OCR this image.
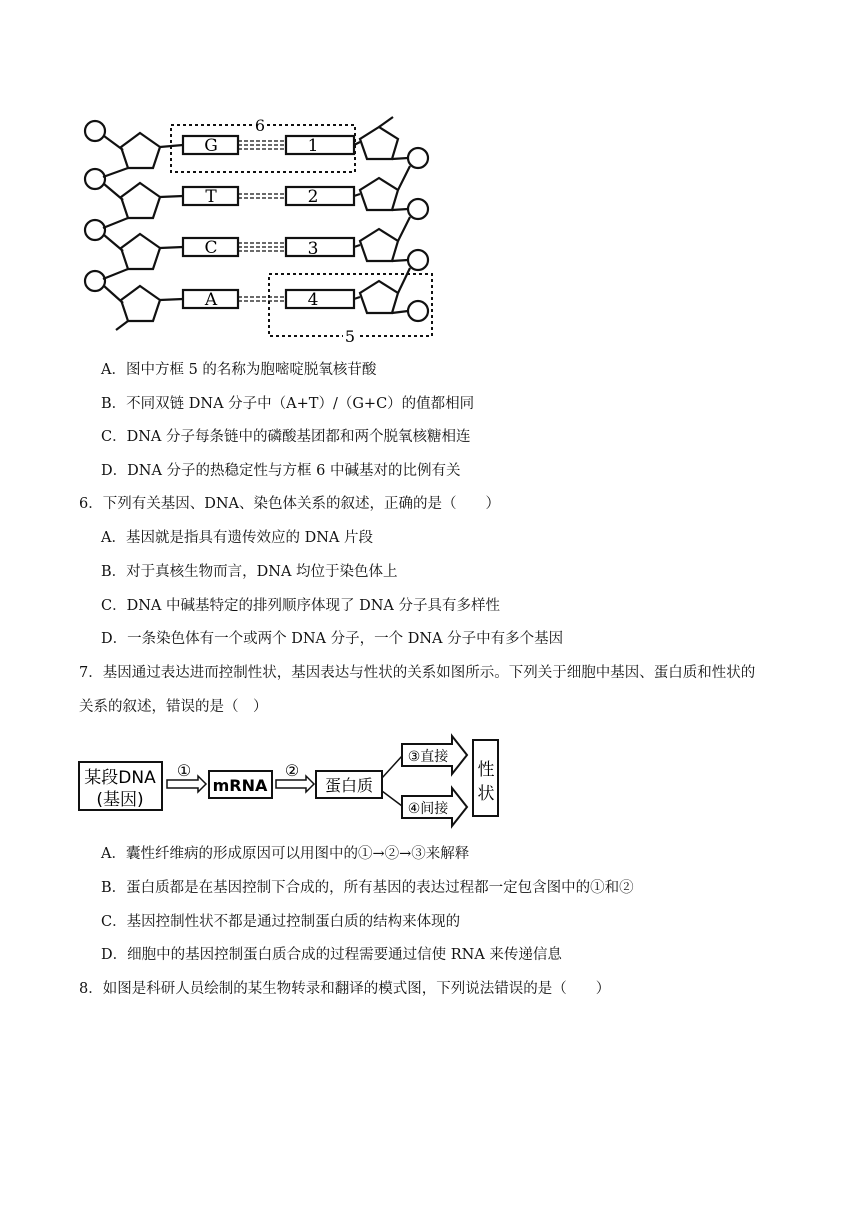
6
5
G
T
C
A
1
2
3
4
A．图中方框 5 的名称为胞嘧啶脱氧核苷酸
B．不同双链 DNA 分子中（A+T）/（G+C）的值都相同
C．DNA 分子每条链中的磷酸基团都和两个脱氧核糖相连
D．DNA 分子的热稳定性与方框 6 中碱基对的比例有关
6．下列有关基因、DNA、染色体关系的叙述，正确的是（　　）
A．基因就是指具有遗传效应的 DNA 片段
B．对于真核生物而言，DNA 均位于染色体上
C．DNA 中碱基特定的排列顺序体现了 DNA 分子具有多样性
D．一条染色体有一个或两个 DNA 分子，一个 DNA 分子中有多个基因
7．基因通过表达进而控制性状，基因表达与性状的关系如图所示。下列关于细胞中基因、蛋白质和性状的
关系的叙述，错误的是（　）
某段DNA
(基因)
①
mRNA
②
蛋白质
③直接
④间接
性
状
A．囊性纤维病的形成原因可以用图中的①→②→③来解释
B．蛋白质都是在基因控制下合成的，所有基因的表达过程都一定包含图中的①和②
C．基因控制性状不都是通过控制蛋白质的结构来体现的
D．细胞中的基因控制蛋白质合成的过程需要通过信使 RNA 来传递信息
8．如图是科研人员绘制的某生物转录和翻译的模式图，下列说法错误的是（　　）
